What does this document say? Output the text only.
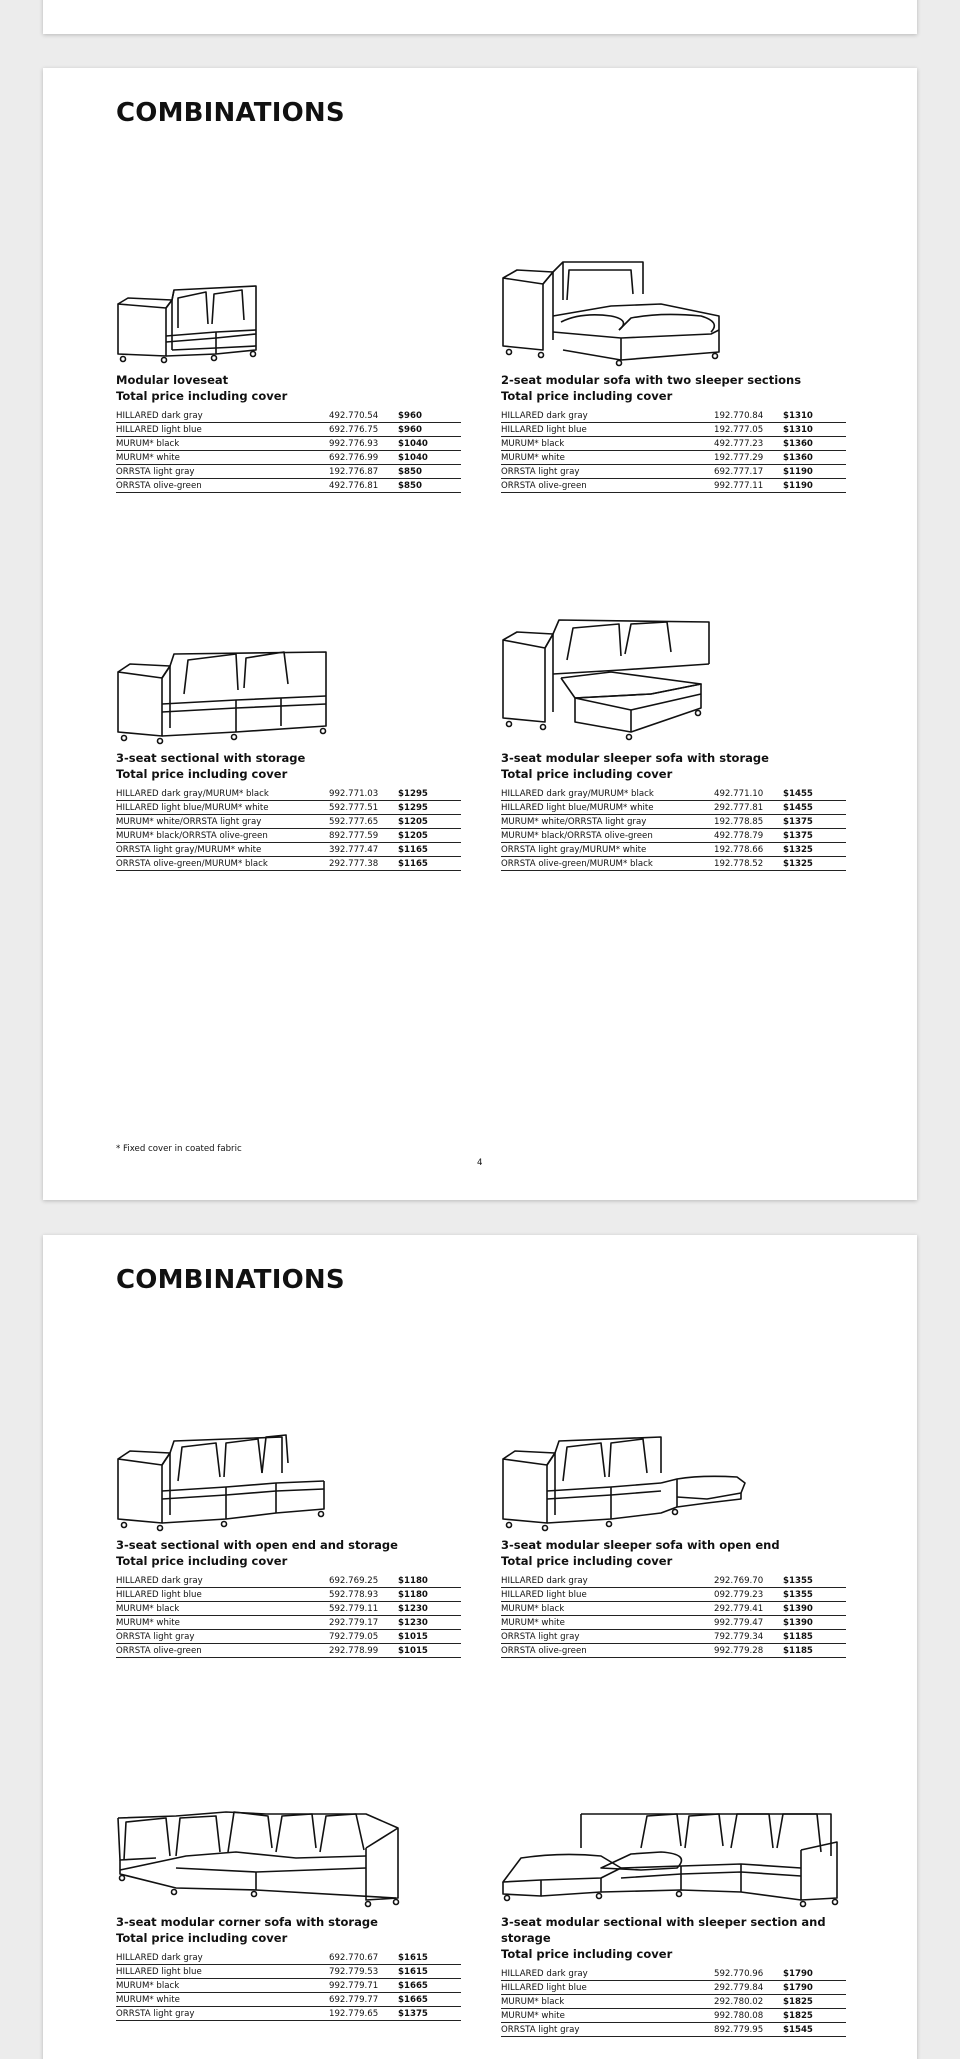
COMBINATIONS
Modular loveseat
Total price including cover
HILLARED dark gray	492.770.54	$960
HILLARED light blue	692.776.75	$960
MURUM* black	992.776.93	$1040
MURUM* white	692.776.99	$1040
ORRSTA light gray	192.776.87	$850
ORRSTA olive-green	492.776.81	$850
2-seat modular sofa with two sleeper sections
Total price including cover
HILLARED dark gray	192.770.84	$1310
HILLARED light blue	192.777.05	$1310
MURUM* black	492.777.23	$1360
MURUM* white	192.777.29	$1360
ORRSTA light gray	692.777.17	$1190
ORRSTA olive-green	992.777.11	$1190
3-seat sectional with storage
Total price including cover
HILLARED dark gray/MURUM* black	992.771.03	$1295
HILLARED light blue/MURUM* white	592.777.51	$1295
MURUM* white/ORRSTA light gray	592.777.65	$1205
MURUM* black/ORRSTA olive-green	892.777.59	$1205
ORRSTA light gray/MURUM* white	392.777.47	$1165
ORRSTA olive-green/MURUM* black	292.777.38	$1165
3-seat modular sleeper sofa with storage
Total price including cover
HILLARED dark gray/MURUM* black	492.771.10	$1455
HILLARED light blue/MURUM* white	292.777.81	$1455
MURUM* white/ORRSTA light gray	192.778.85	$1375
MURUM* black/ORRSTA olive-green	492.778.79	$1375
ORRSTA light gray/MURUM* white	192.778.66	$1325
ORRSTA olive-green/MURUM* black	192.778.52	$1325
* Fixed cover in coated fabric
4
COMBINATIONS
3-seat sectional with open end and storage
Total price including cover
HILLARED dark gray	692.769.25	$1180
HILLARED light blue	592.778.93	$1180
MURUM* black	592.779.11	$1230
MURUM* white	292.779.17	$1230
ORRSTA light gray	792.779.05	$1015
ORRSTA olive-green	292.778.99	$1015
3-seat modular sleeper sofa with open end
Total price including cover
HILLARED dark gray	292.769.70	$1355
HILLARED light blue	092.779.23	$1355
MURUM* black	292.779.41	$1390
MURUM* white	992.779.47	$1390
ORRSTA light gray	792.779.34	$1185
ORRSTA olive-green	992.779.28	$1185
3-seat modular corner sofa with storage
Total price including cover
HILLARED dark gray	692.770.67	$1615
HILLARED light blue	792.779.53	$1615
MURUM* black	992.779.71	$1665
MURUM* white	692.779.77	$1665
ORRSTA light gray	192.779.65	$1375
3-seat modular sectional with sleeper section and storage
Total price including cover
HILLARED dark gray	592.770.96	$1790
HILLARED light blue	292.779.84	$1790
MURUM* black	292.780.02	$1825
MURUM* white	992.780.08	$1825
ORRSTA light gray	892.779.95	$1545
